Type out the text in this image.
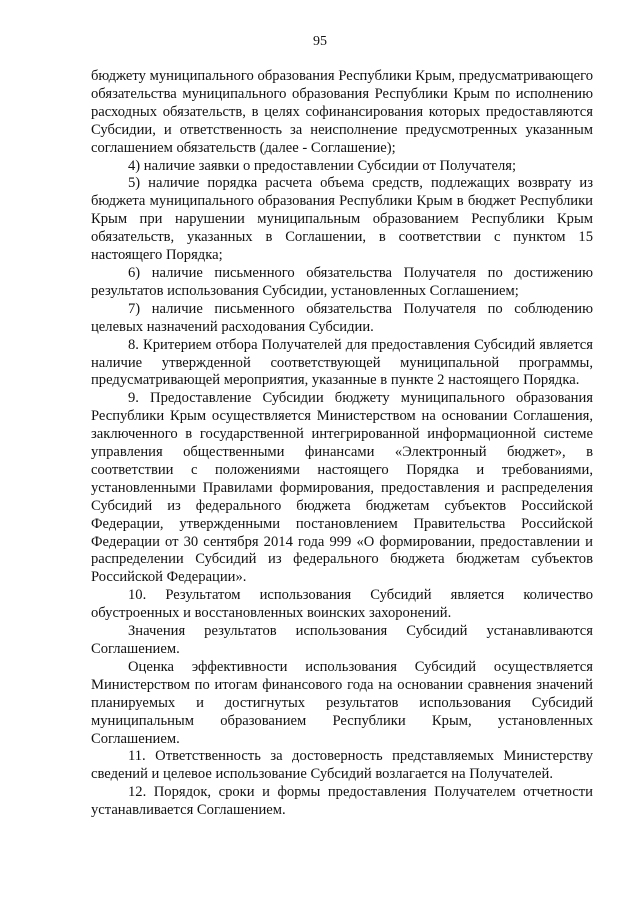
95

бюджету муниципального образования Республики Крым, предусматривающего обязательства муниципального образования Республики Крым по исполнению расходных обязательств, в целях софинансирования которых предоставляются Субсидии, и ответственность за неисполнение предусмотренных указанным соглашением обязательств (далее - Соглашение);

4) наличие заявки о предоставлении Субсидии от Получателя;

5) наличие порядка расчета объема средств, подлежащих возврату из бюджета муниципального образования Республики Крым в бюджет Республики Крым при нарушении муниципальным образованием Республики Крым обязательств, указанных в Соглашении, в соответствии с пунктом 15 настоящего Порядка;

6) наличие письменного обязательства Получателя по достижению результатов использования Субсидии, установленных Соглашением;

7) наличие письменного обязательства Получателя по соблюдению целевых назначений расходования Субсидии.

8. Критерием отбора Получателей для предоставления Субсидий является наличие утвержденной соответствующей муниципальной программы, предусматривающей мероприятия, указанные в пункте 2 настоящего Порядка.

9. Предоставление Субсидии бюджету муниципального образования Республики Крым осуществляется Министерством на основании Соглашения, заключенного в государственной интегрированной информационной системе управления общественными финансами «Электронный бюджет», в соответствии с положениями настоящего Порядка и требованиями, установленными Правилами формирования, предоставления и распределения Субсидий из федерального бюджета бюджетам субъектов Российской Федерации, утвержденными постановлением Правительства Российской Федерации от 30 сентября 2014 года 999 «О формировании, предоставлении и распределении Субсидий из федерального бюджета бюджетам субъектов Российской Федерации».

10. Результатом использования Субсидий является количество обустроенных и восстановленных воинских захоронений.

Значения результатов использования Субсидий устанавливаются Соглашением.

Оценка эффективности использования Субсидий осуществляется Министерством по итогам финансового года на основании сравнения значений планируемых и достигнутых результатов использования Субсидий муниципальным образованием Республики Крым, установленных Соглашением.

11. Ответственность за достоверность представляемых Министерству сведений и целевое использование Субсидий возлагается на Получателей.

12. Порядок, сроки и формы предоставления Получателем отчетности устанавливается Соглашением.
